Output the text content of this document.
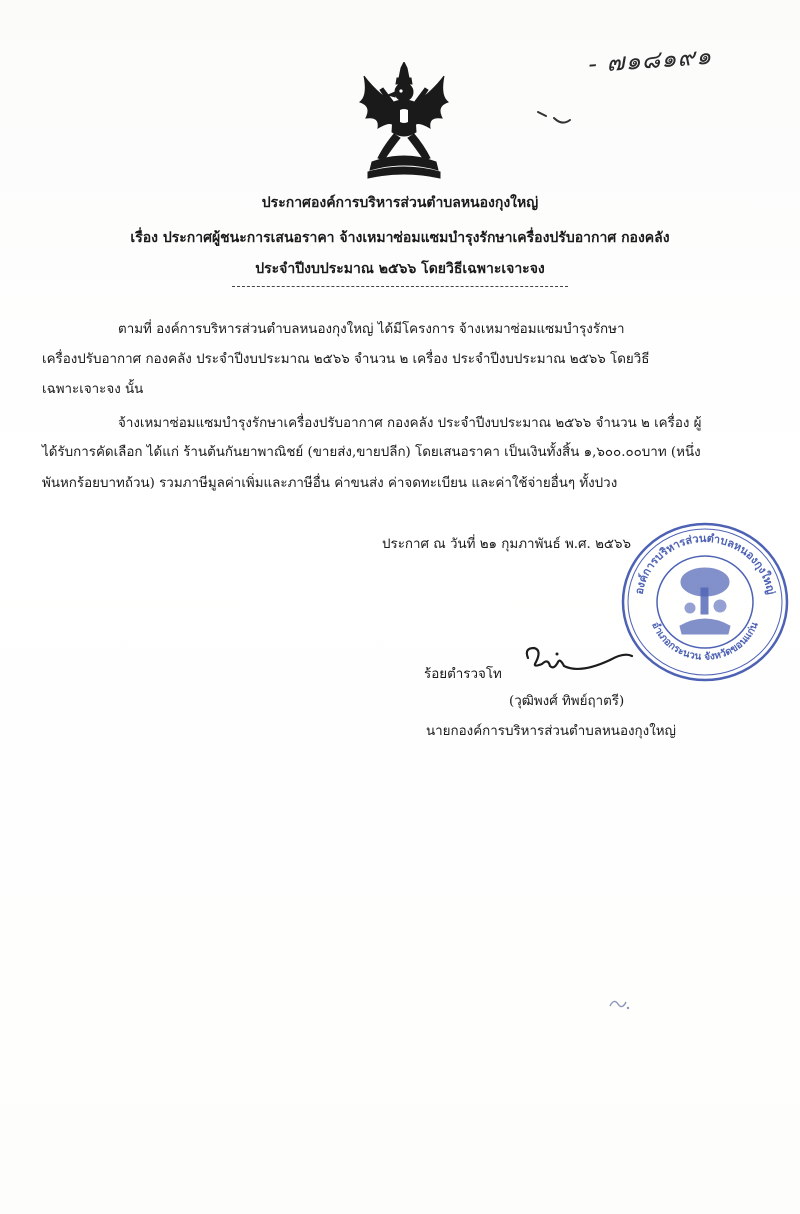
- ๗๑๘๑๙๑
ประกาศองค์การบริหารส่วนตำบลหนองกุงใหญ่
เรื่อง ประกาศผู้ชนะการเสนอราคา จ้างเหมาซ่อมแซมบำรุงรักษาเครื่องปรับอากาศ กองคลัง
ประจำปีงบประมาณ ๒๕๖๖ โดยวิธีเฉพาะเจาะจง
ตามที่ องค์การบริหารส่วนตำบลหนองกุงใหญ่ ได้มีโครงการ จ้างเหมาซ่อมแซมบำรุงรักษา
เครื่องปรับอากาศ กองคลัง ประจำปีงบประมาณ ๒๕๖๖ จำนวน ๒ เครื่อง ประจำปีงบประมาณ ๒๕๖๖ โดยวิธี
เฉพาะเจาะจง นั้น
จ้างเหมาซ่อมแซมบำรุงรักษาเครื่องปรับอากาศ กองคลัง ประจำปีงบประมาณ ๒๕๖๖ จำนวน ๒ เครื่อง ผู้
ได้รับการคัดเลือก ได้แก่ ร้านต้นกันยาพาณิชย์ (ขายส่ง,ขายปลีก) โดยเสนอราคา เป็นเงินทั้งสิ้น ๑,๖๐๐.๐๐บาท (หนึ่ง
พันหกร้อยบาทถ้วน) รวมภาษีมูลค่าเพิ่มและภาษีอื่น ค่าขนส่ง ค่าจดทะเบียน และค่าใช้จ่ายอื่นๆ ทั้งปวง
ประกาศ ณ วันที่ ๒๑ กุมภาพันธ์ พ.ศ. ๒๕๖๖
องค์การบริหารส่วนตำบลหนองกุงใหญ่
อำเภอกระนวน จังหวัดขอนแก่น
ร้อยตำรวจโท
(วุฒิพงศ์ ทิพย์ฤาตรี)
นายกองค์การบริหารส่วนตำบลหนองกุงใหญ่
